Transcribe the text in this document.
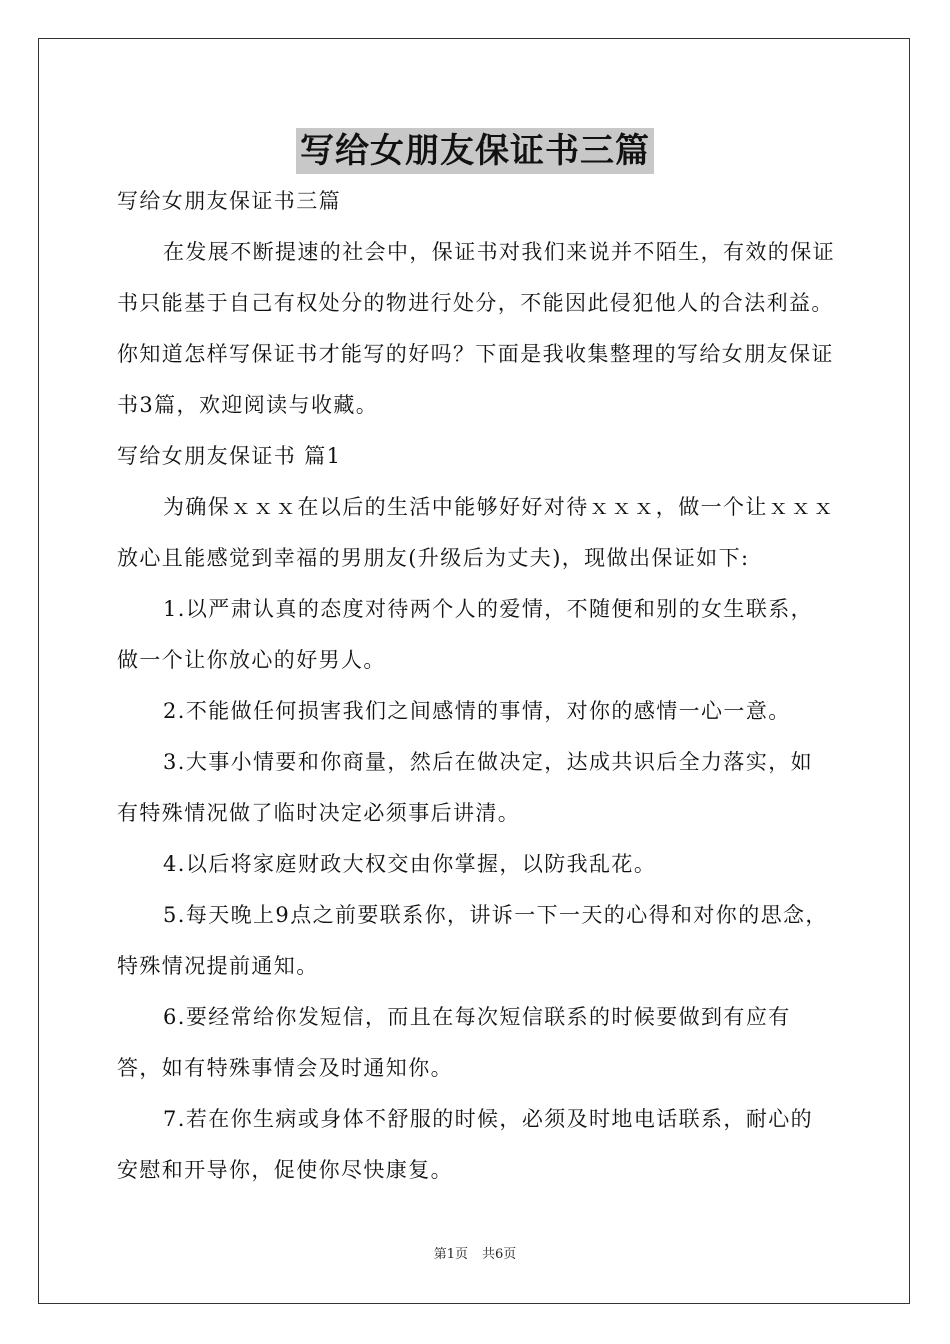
写给女朋友保证书三篇

写给女朋友保证书三篇

在发展不断提速的社会中，保证书对我们来说并不陌生，有效的保证书只能基于自己有权处分的物进行处分，不能因此侵犯他人的合法利益。你知道怎样写保证书才能写的好吗？下面是我收集整理的写给女朋友保证书3篇，欢迎阅读与收藏。

写给女朋友保证书 篇1

为确保ｘｘｘ在以后的生活中能够好好对待ｘｘｘ，做一个让ｘｘｘ放心且能感觉到幸福的男朋友(升级后为丈夫)，现做出保证如下:

1.以严肃认真的态度对待两个人的爱情，不随便和别的女生联系，做一个让你放心的好男人。

2.不能做任何损害我们之间感情的事情，对你的感情一心一意。

3.大事小情要和你商量，然后在做决定，达成共识后全力落实，如有特殊情况做了临时决定必须事后讲清。

4.以后将家庭财政大权交由你掌握，以防我乱花。

5.每天晚上9点之前要联系你，讲诉一下一天的心得和对你的思念，特殊情况提前通知。

6.要经常给你发短信，而且在每次短信联系的时候要做到有应有答，如有特殊事情会及时通知你。

7.若在你生病或身体不舒服的时候，必须及时地电话联系，耐心的安慰和开导你，促使你尽快康复。

第1页 共6页
